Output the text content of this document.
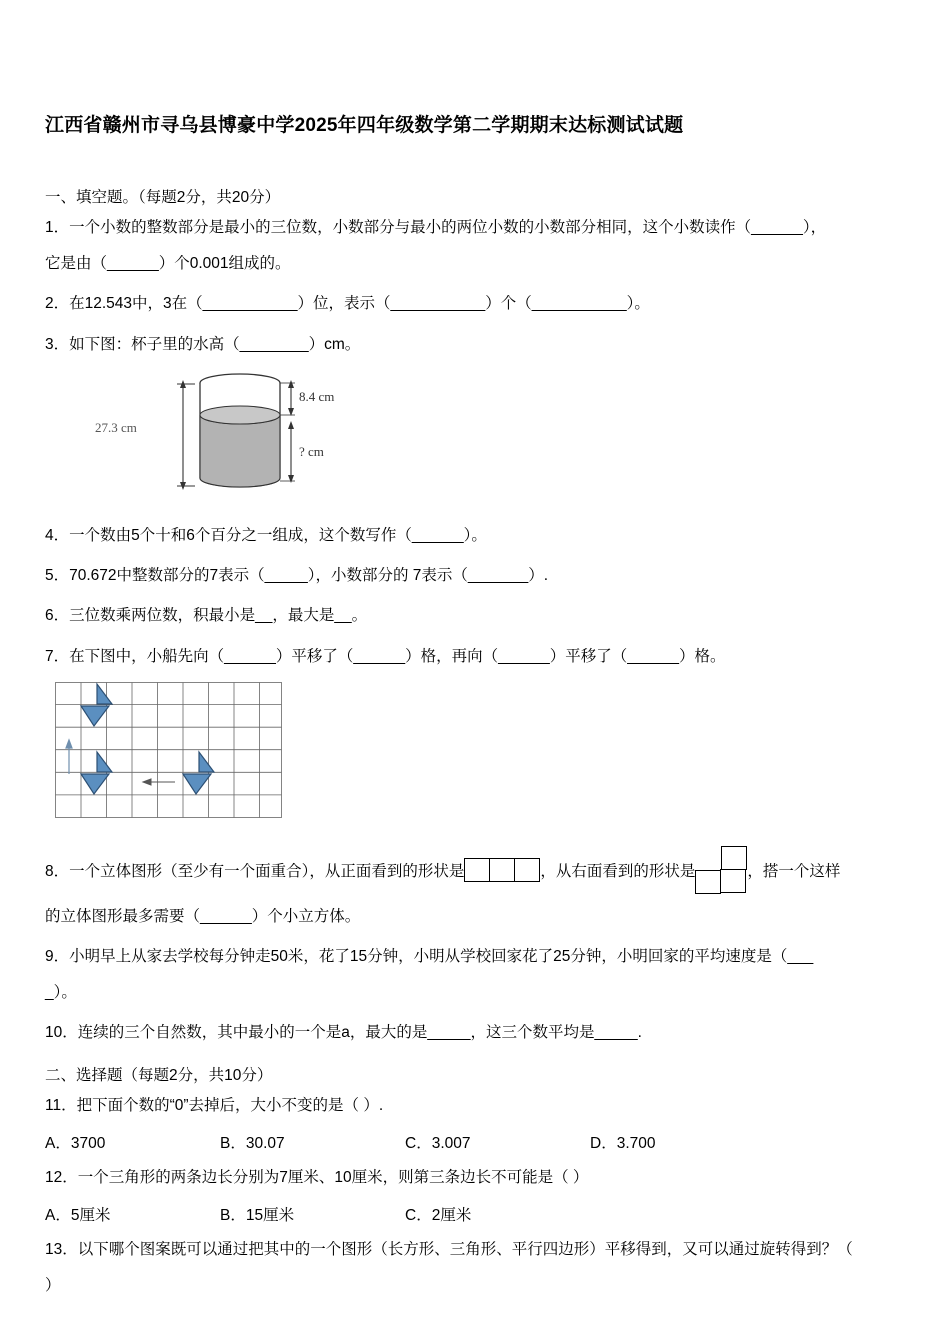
江西省赣州市寻乌县博豪中学2025年四年级数学第二学期期末达标测试试题
一、填空题。（每题2分，共20分）
1．一个小数的整数部分是最小的三位数，小数部分与最小的两位小数的小数部分相同，这个小数读作（______），
它是由（______）个0.001组成的。
2．在12.543中，3在（___________）位，表示（___________）个（___________）。
3．如下图：杯子里的水高（________）cm。
27.3 cm
8.4 cm
? cm
4．一个数由5个十和6个百分之一组成，这个数写作（______）。
5．70.672中整数部分的7表示（_____），小数部分的 7表示（_______）.
6．三位数乘两位数，积最小是__，最大是__。
7．在下图中，小船先向（______）平移了（______）格，再向（______）平移了（______）格。
8．一个立体图形（至少有一个面重合），从正面看到的形状是	，从右面看到的形状是	，搭一个这样
的立体图形最多需要（______）个小立方体。
9．小明早上从家去学校每分钟走50米，花了15分钟，小明从学校回家花了25分钟，小明回家的平均速度是（___
_）。
10．连续的三个自然数，其中最小的一个是a，最大的是_____，这三个数平均是_____.
二、选择题（每题2分，共10分）
11．把下面个数的“0”去掉后，大小不变的是（ ）.
A．3700	B．30.07	C．3.007	D．3.700
12．一个三角形的两条边长分别为7厘米、10厘米，则第三条边长不可能是（ ）
A．5厘米	B．15厘米	C．2厘米
13．以下哪个图案既可以通过把其中的一个图形（长方形、三角形、平行四边形）平移得到，又可以通过旋转得到？（
）
